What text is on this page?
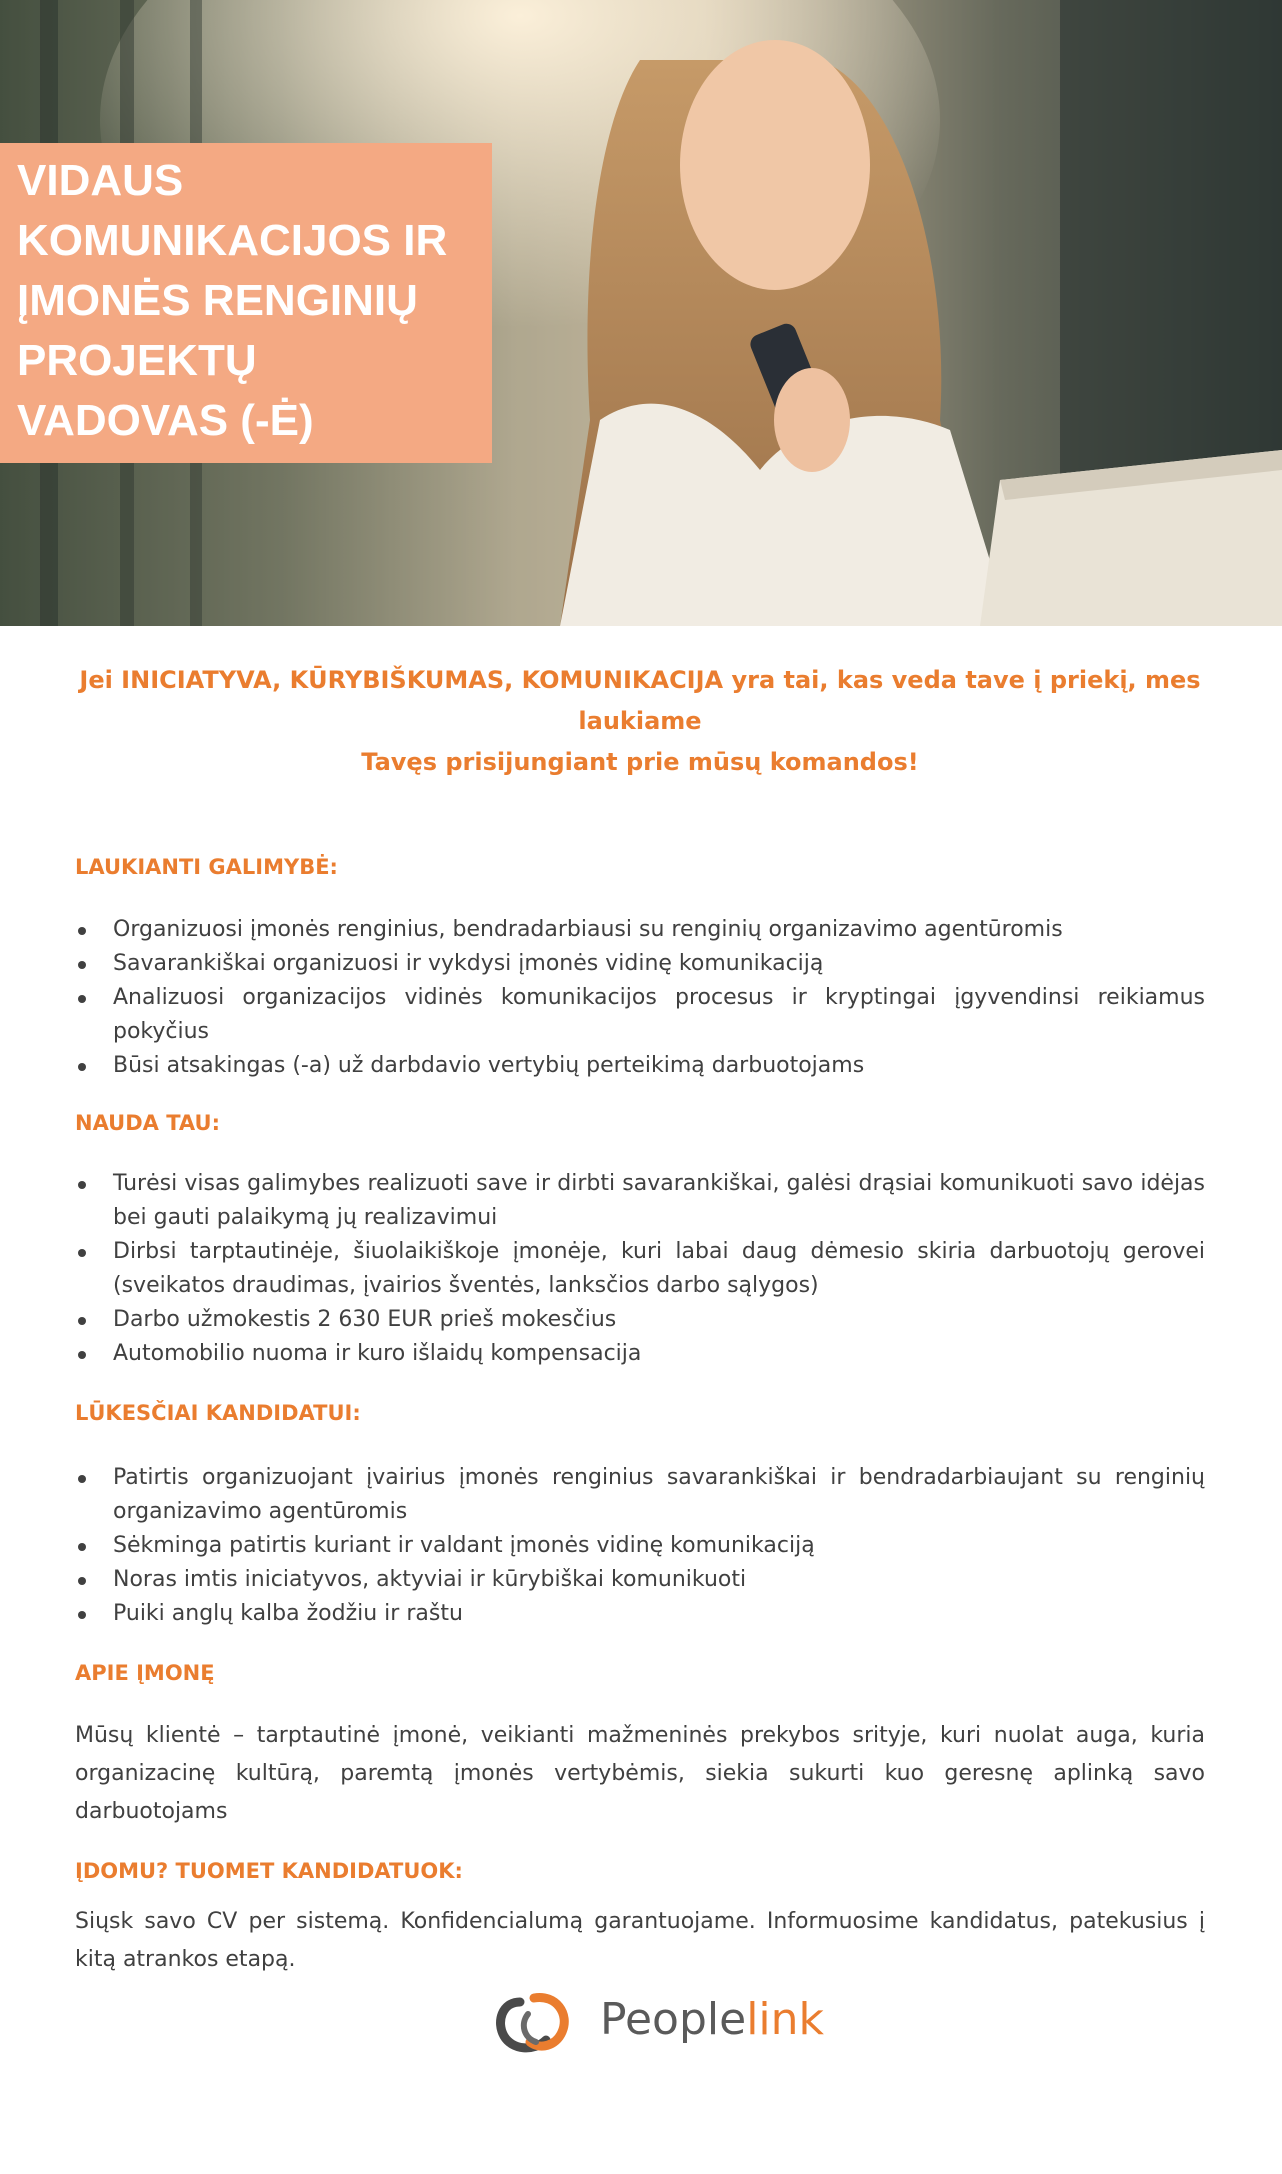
VIDAUS
KOMUNIKACIJOS IR
ĮMONĖS RENGINIŲ
PROJEKTŲ
VADOVAS (-Ė)

Jei INICIATYVA, KŪRYBIŠKUMAS, KOMUNIKACIJA yra tai, kas veda tave į priekį, mes laukiame
Tavęs prisijungiant prie mūsų komandos!

LAUKIANTI GALIMYBĖ:
Organizuosi įmonės renginius, bendradarbiausi su renginių organizavimo agentūromis
Savarankiškai organizuosi ir vykdysi įmonės vidinę komunikaciją
Analizuosi organizacijos vidinės komunikacijos procesus ir kryptingai įgyvendinsi reikiamus pokyčius
Būsi atsakingas (-a) už darbdavio vertybių perteikimą darbuotojams
NAUDA TAU:
Turėsi visas galimybes realizuoti save ir dirbti savarankiškai, galėsi drąsiai komunikuoti savo idėjas bei gauti palaikymą jų realizavimui
Dirbsi tarptautinėje, šiuolaikiškoje įmonėje, kuri labai daug dėmesio skiria darbuotojų gerovei (sveikatos draudimas, įvairios šventės, lanksčios darbo sąlygos)
Darbo užmokestis 2 630 EUR prieš mokesčius
Automobilio nuoma ir kuro išlaidų kompensacija
LŪKESČIAI KANDIDATUI:
Patirtis organizuojant įvairius įmonės renginius savarankiškai ir bendradarbiaujant su renginių organizavimo agentūromis
Sėkminga patirtis kuriant ir valdant įmonės vidinę komunikaciją
Noras imtis iniciatyvos, aktyviai ir kūrybiškai komunikuoti
Puiki anglų kalba žodžiu ir raštu
APIE ĮMONĘ

Mūsų klientė – tarptautinė įmonė, veikianti mažmeninės prekybos srityje, kuri nuolat auga, kuria organizacinę kultūrą, paremtą įmonės vertybėmis, siekia sukurti kuo geresnę aplinką savo darbuotojams

ĮDOMU? TUOMET KANDIDATUOK:

Siųsk savo CV per sistemą. Konfidencialumą garantuojame. Informuosime kandidatus, patekusius į kitą atrankos etapą.

Peoplelink
